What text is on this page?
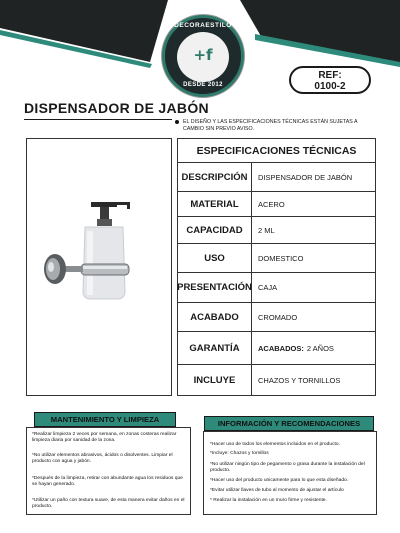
DECORAESTILO
+f
DESDE 2012
REF:
0100-2
DISPENSADOR DE JABÓN
EL DISEÑO Y LAS ESPECIFICACIONES TÉCNICAS ESTÁN SUJETAS A CAMBIO SIN PREVIO AVISO.
ESPECIFICACIONES TÉCNICAS
DESCRIPCIÓN	DISPENSADOR DE JABÓN
MATERIAL	ACERO
CAPACIDAD	2 ML
USO	DOMESTICO
PRESENTACIÓN CAJA
ACABADO	CROMADO
GARANTÍA	ACABADOS: 2 AÑOS
INCLUYE	CHAZOS Y TORNILLOS
MANTENIMIENTO Y LIMPIEZA
*Realizar limpieza 2 veces por semana, en zonas costeras realizar limpieza diaria por sanidad de la zona.
*No utilizar elementos abrasivos, ácidos o disolventes. Limpiar el producto con agua y jabón.
*Después de la limpieza, retirar con abundante agua los residuos que se hayan generado.
*Utilizar un paño con textura suave, de esta manera evitar daños en el producto.
INFORMACIÓN Y RECOMENDACIONES
*Hacer uso de todos los elementos incluidos en el producto.
*Incluye: Chazos y tornillos
*No utilizar ningún tipo de pegamento o grasa durante la instalación del producto.
*Hacer uso del producto unicamente para lo que esta diseñado.
*Evitar utilizar llaves de tubo al momento de ajustar el artículo
* Realizar la instalación en un muro firme y resistente.
